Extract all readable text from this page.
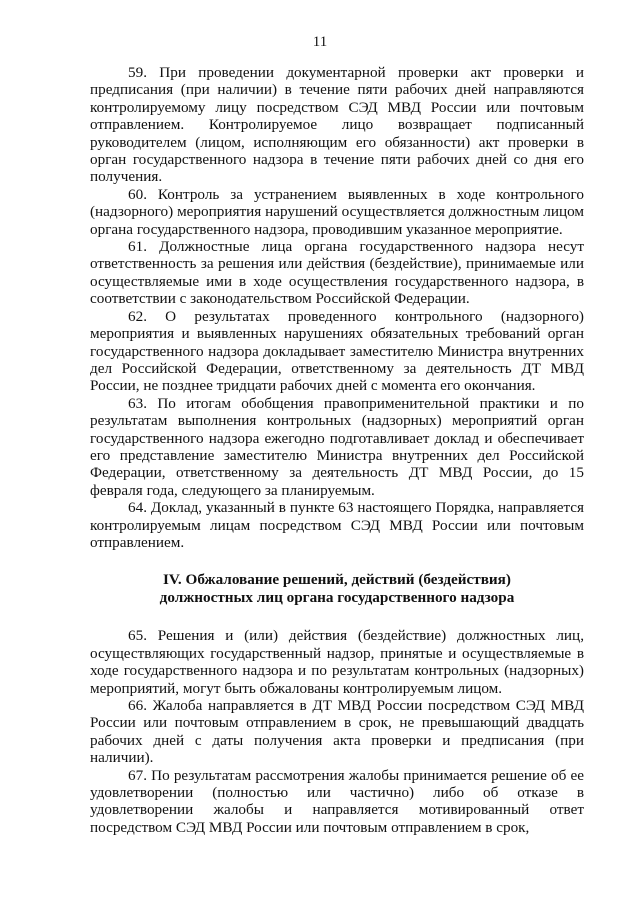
11

59. При проведении документарной проверки акт проверки и предписания (при наличии) в течение пяти рабочих дней направляются контролируемому лицу посредством СЭД МВД России или почтовым отправлением. Контролируемое лицо возвращает подписанный руководителем (лицом, исполняющим его обязанности) акт проверки в орган государственного надзора в течение пяти рабочих дней со дня его получения.

60. Контроль за устранением выявленных в ходе контрольного (надзорного) мероприятия нарушений осуществляется должностным лицом органа государственного надзора, проводившим указанное мероприятие.

61. Должностные лица органа государственного надзора несут ответственность за решения или действия (бездействие), принимаемые или осуществляемые ими в ходе осуществления государственного надзора, в соответствии с законодательством Российской Федерации.

62. О результатах проведенного контрольного (надзорного) мероприятия и выявленных нарушениях обязательных требований орган государственного надзора докладывает заместителю Министра внутренних дел Российской Федерации, ответственному за деятельность ДТ МВД России, не позднее тридцати рабочих дней с момента его окончания.

63. По итогам обобщения правоприменительной практики и по результатам выполнения контрольных (надзорных) мероприятий орган государственного надзора ежегодно подготавливает доклад и обеспечивает его представление заместителю Министра внутренних дел Российской Федерации, ответственному за деятельность ДТ МВД России, до 15 февраля года, следующего за планируемым.

64. Доклад, указанный в пункте 63 настоящего Порядка, направляется контролируемым лицам посредством СЭД МВД России или почтовым отправлением.

IV. Обжалование решений, действий (бездействия)
должностных лиц органа государственного надзора

65. Решения и (или) действия (бездействие) должностных лиц, осуществляющих государственный надзор, принятые и осуществляемые в ходе государственного надзора и по результатам контрольных (надзорных) мероприятий, могут быть обжалованы контролируемым лицом.

66. Жалоба направляется в ДТ МВД России посредством СЭД МВД России или почтовым отправлением в срок, не превышающий двадцать рабочих дней с даты получения акта проверки и предписания (при наличии).

67. По результатам рассмотрения жалобы принимается решение об ее удовлетворении (полностью или частично) либо об отказе в удовлетворении жалобы и направляется мотивированный ответ посредством СЭД МВД России или почтовым отправлением в срок,
